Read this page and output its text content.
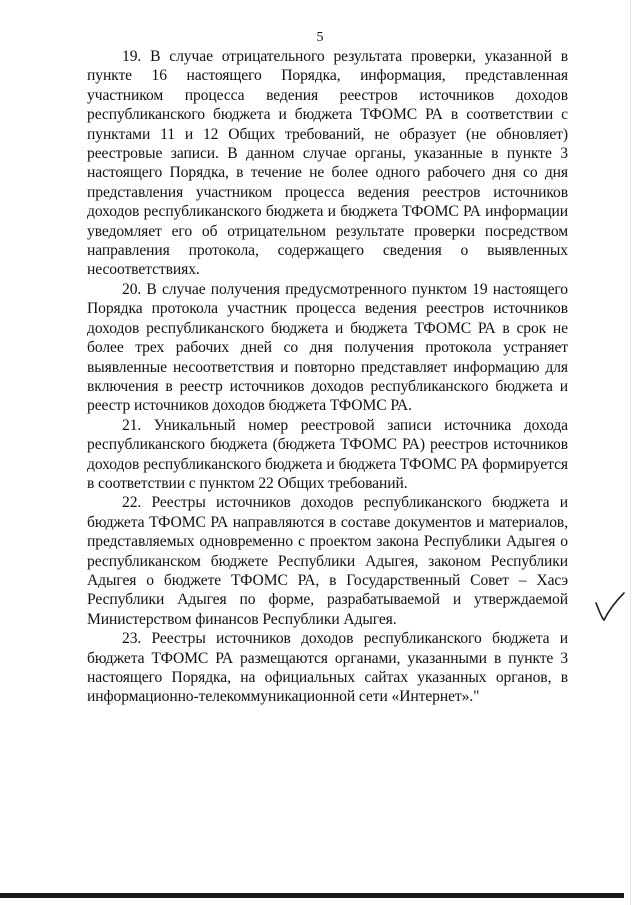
5

19. В случае отрицательного результата проверки, указанной в пункте 16 настоящего Порядка, информация, представленная участником процесса ведения реестров источников доходов республиканского бюджета и бюджета ТФОМС РА в соответствии с пунктами 11 и 12 Общих требований, не образует (не обновляет) реестровые записи. В данном случае органы, указанные в пункте 3 настоящего Порядка, в течение не более одного рабочего дня со дня представления участником процесса ведения реестров источников доходов республиканского бюджета и бюджета ТФОМС РА информации уведомляет его об отрицательном результате проверки посредством направления протокола, содержащего сведения о выявленных несоответствиях.

20. В случае получения предусмотренного пунктом 19 настоящего Порядка протокола участник процесса ведения реестров источников доходов республиканского бюджета и бюджета ТФОМС РА в срок не более трех рабочих дней со дня получения протокола устраняет выявленные несоответствия и повторно представляет информацию для включения в реестр источников доходов республиканского бюджета и реестр источников доходов бюджета ТФОМС РА.

21. Уникальный номер реестровой записи источника дохода республиканского бюджета (бюджета ТФОМС РА) реестров источников доходов республиканского бюджета и бюджета ТФОМС РА формируется в соответствии с пунктом 22 Общих требований.

22. Реестры источников доходов республиканского бюджета и бюджета ТФОМС РА направляются в составе документов и материалов, представляемых одновременно с проектом закона Республики Адыгея о республиканском бюджете Республики Адыгея, законом Республики Адыгея о бюджете ТФОМС РА, в Государственный Совет – Хасэ Республики Адыгея по форме, разрабатываемой и утверждаемой Министерством финансов Республики Адыгея.

23. Реестры источников доходов республиканского бюджета и бюджета ТФОМС РА размещаются органами, указанными в пункте 3 настоящего Порядка, на официальных сайтах указанных органов, в информационно-телекоммуникационной сети «Интернет»."
